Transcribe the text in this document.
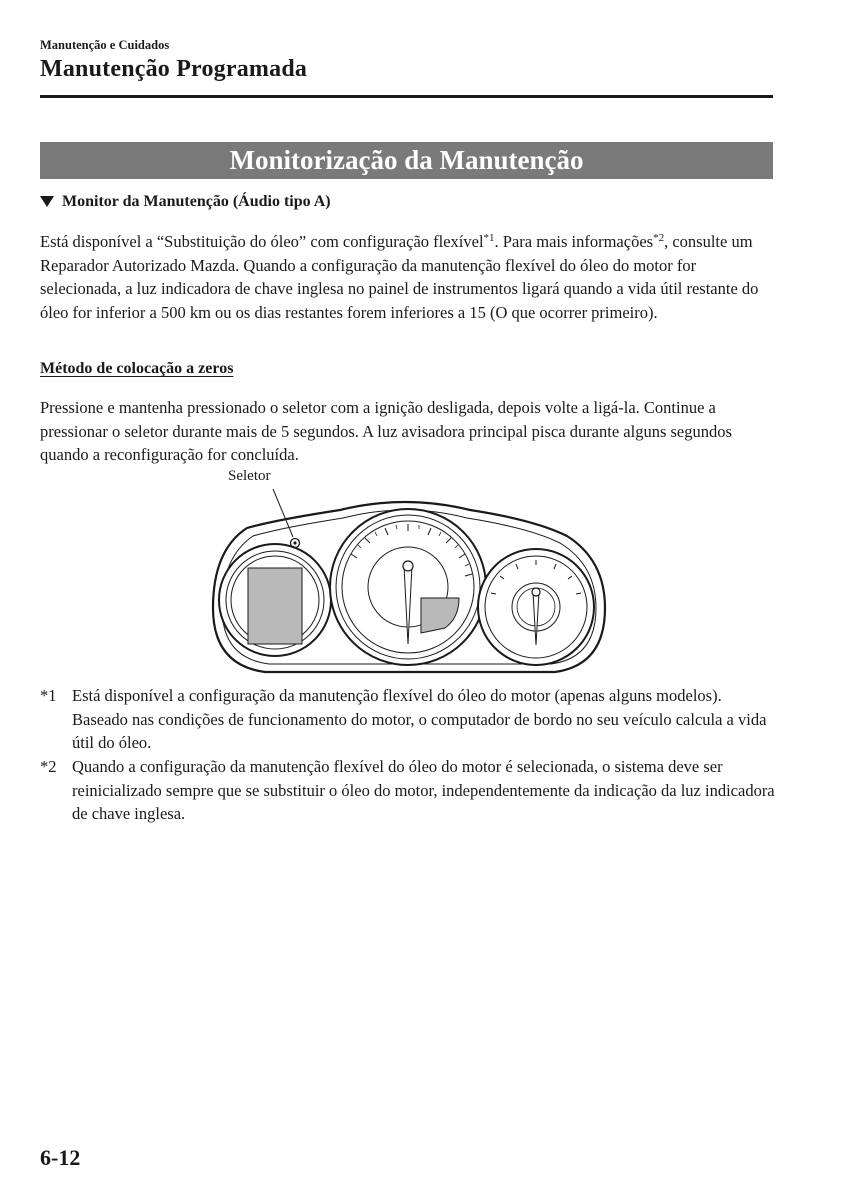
Manutenção e Cuidados
Manutenção Programada
Monitorização da Manutenção
Monitor da Manutenção (Áudio tipo A)
Está disponível a “Substituição do óleo” com configuração flexível$^{*1}$. Para mais informações$^{*2}$, consulte um Reparador Autorizado Mazda. Quando a configuração da manutenção flexível do óleo do motor for selecionada, a luz indicadora de chave inglesa no painel de instrumentos ligará quando a vida útil restante do óleo for inferior a 500 km ou os dias restantes forem inferiores a 15 (O que ocorrer primeiro).
Método de colocação a zeros
Pressione e mantenha pressionado o seletor com a ignição desligada, depois volte a ligá-la. Continue a pressionar o seletor durante mais de 5 segundos. A luz avisadora principal pisca durante alguns segundos quando a reconfiguração for concluída.
Seletor
*1 Está disponível a configuração da manutenção flexível do óleo do motor (apenas alguns modelos). Baseado nas condições de funcionamento do motor, o computador de bordo no seu veículo calcula a vida útil do óleo.
*2 Quando a configuração da manutenção flexível do óleo do motor é selecionada, o sistema deve ser reinicializado sempre que se substituir o óleo do motor, independentemente da indicação da luz indicadora de chave inglesa.
6-12
